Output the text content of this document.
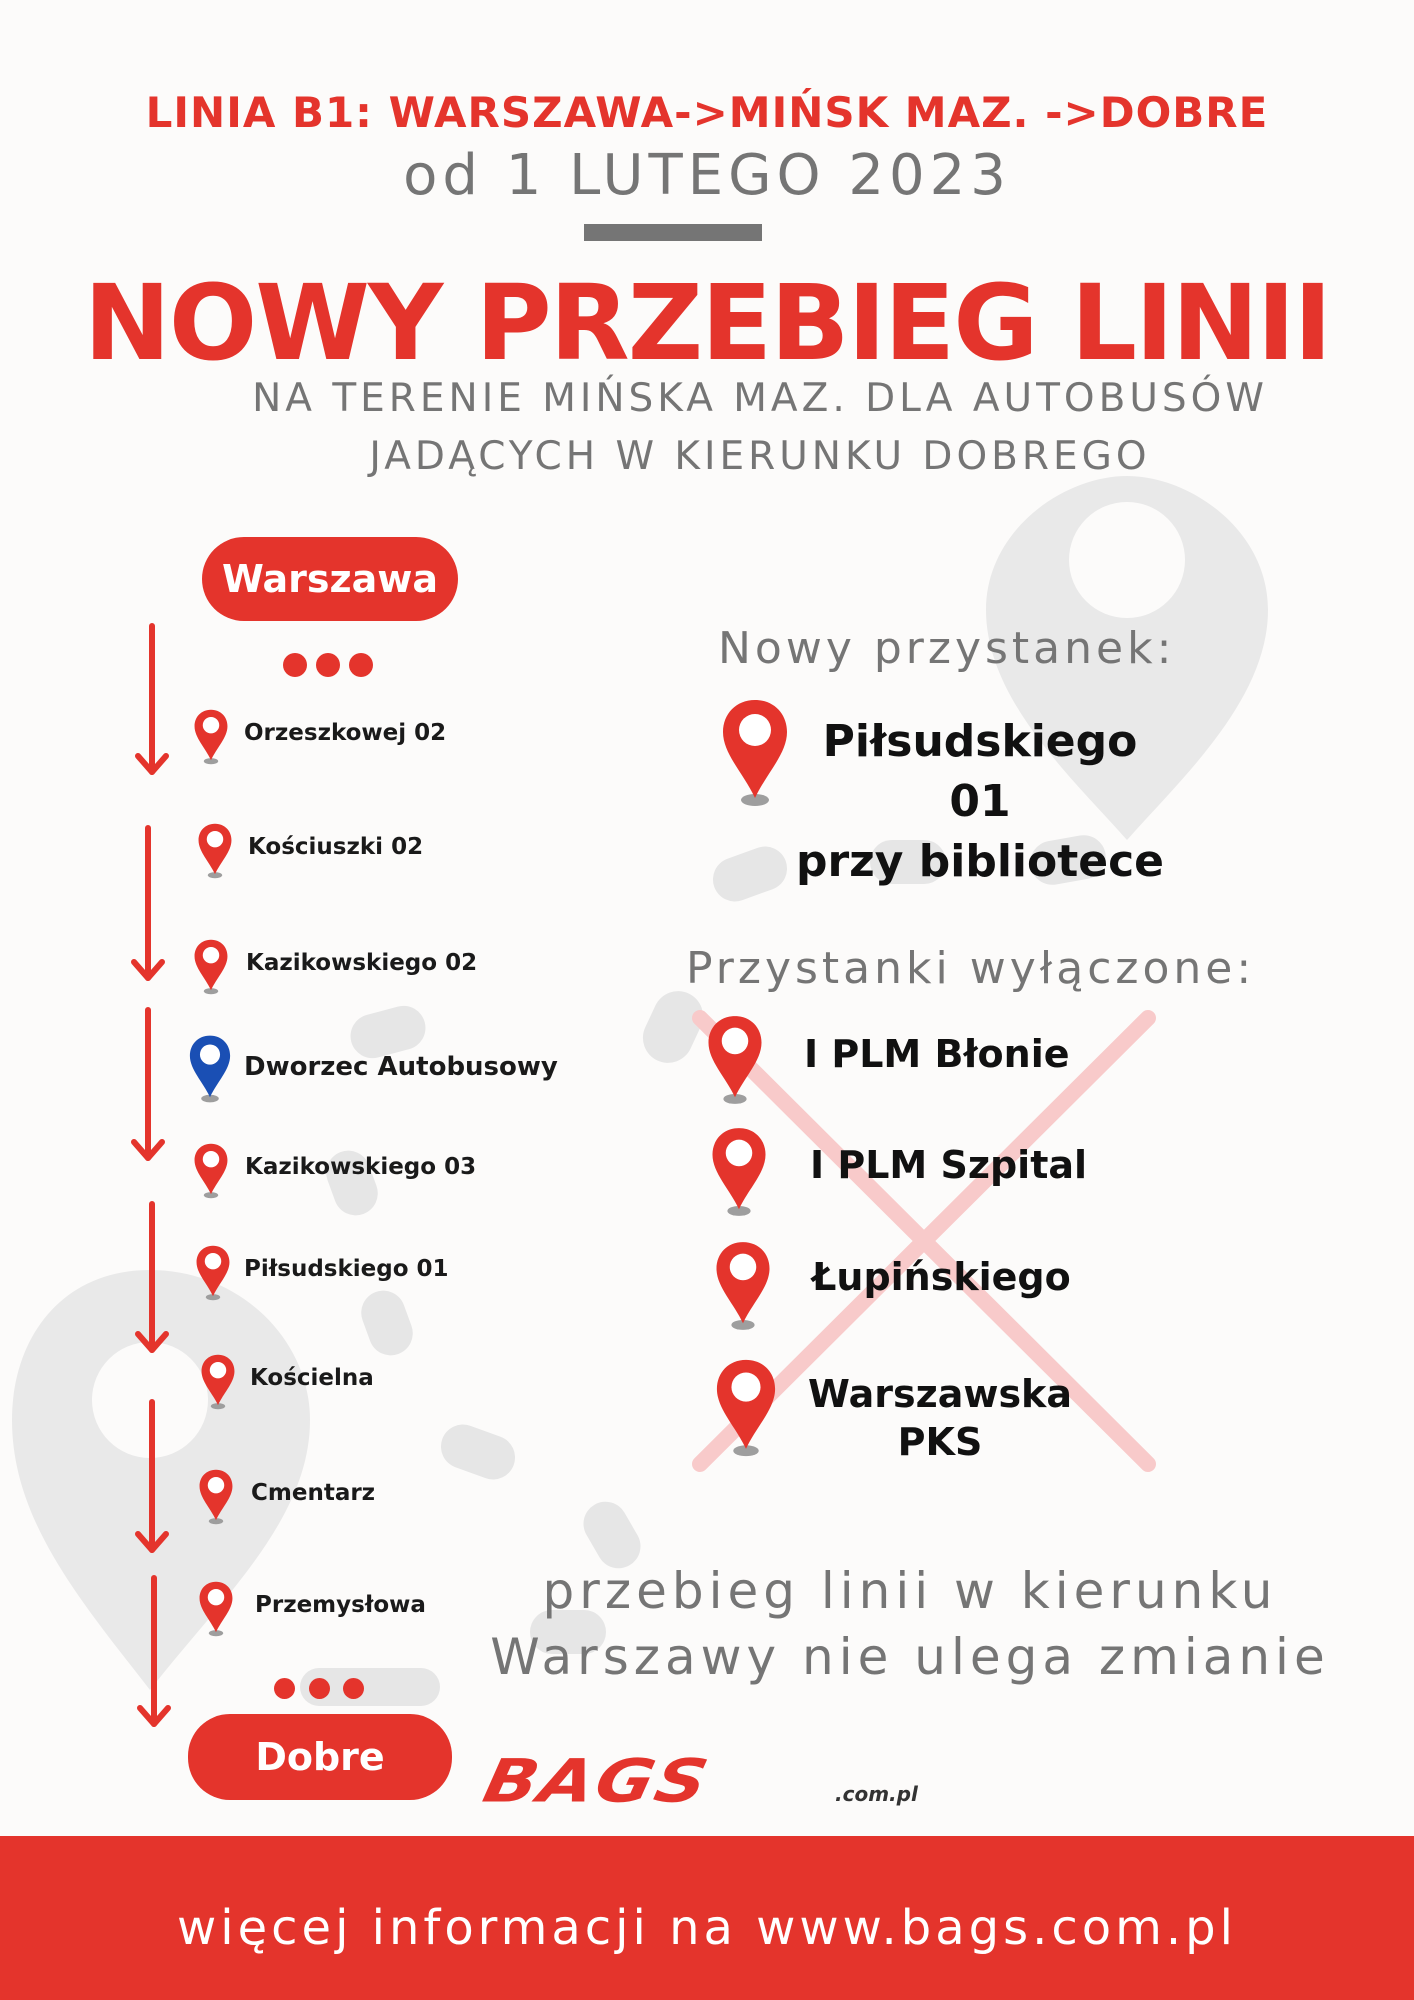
LINIA B1: WARSZAWA->MIŃSK MAZ. ->DOBRE
od 1 LUTEGO 2023
NOWY PRZEBIEG LINII
NA TERENIE MIŃSKA MAZ. DLA AUTOBUSÓW
JADĄCYCH W KIERUNKU DOBREGO
Warszawa
Orzeszkowej 02
Kościuszki 02
Kazikowskiego 02
Dworzec Autobusowy
Kazikowskiego 03
Piłsudskiego 01
Kościelna
Cmentarz
Przemysłowa
Dobre
Nowy przystanek:
Piłsudskiego 01
przy bibliotece
Przystanki wyłączone:
I PLM Błonie
I PLM Szpital
Łupińskiego
Warszawska
PKS
przebieg linii w kierunku
Warszawy nie ulega zmianie
BAGS	.com.pl
więcej informacji na www.bags.com.pl
